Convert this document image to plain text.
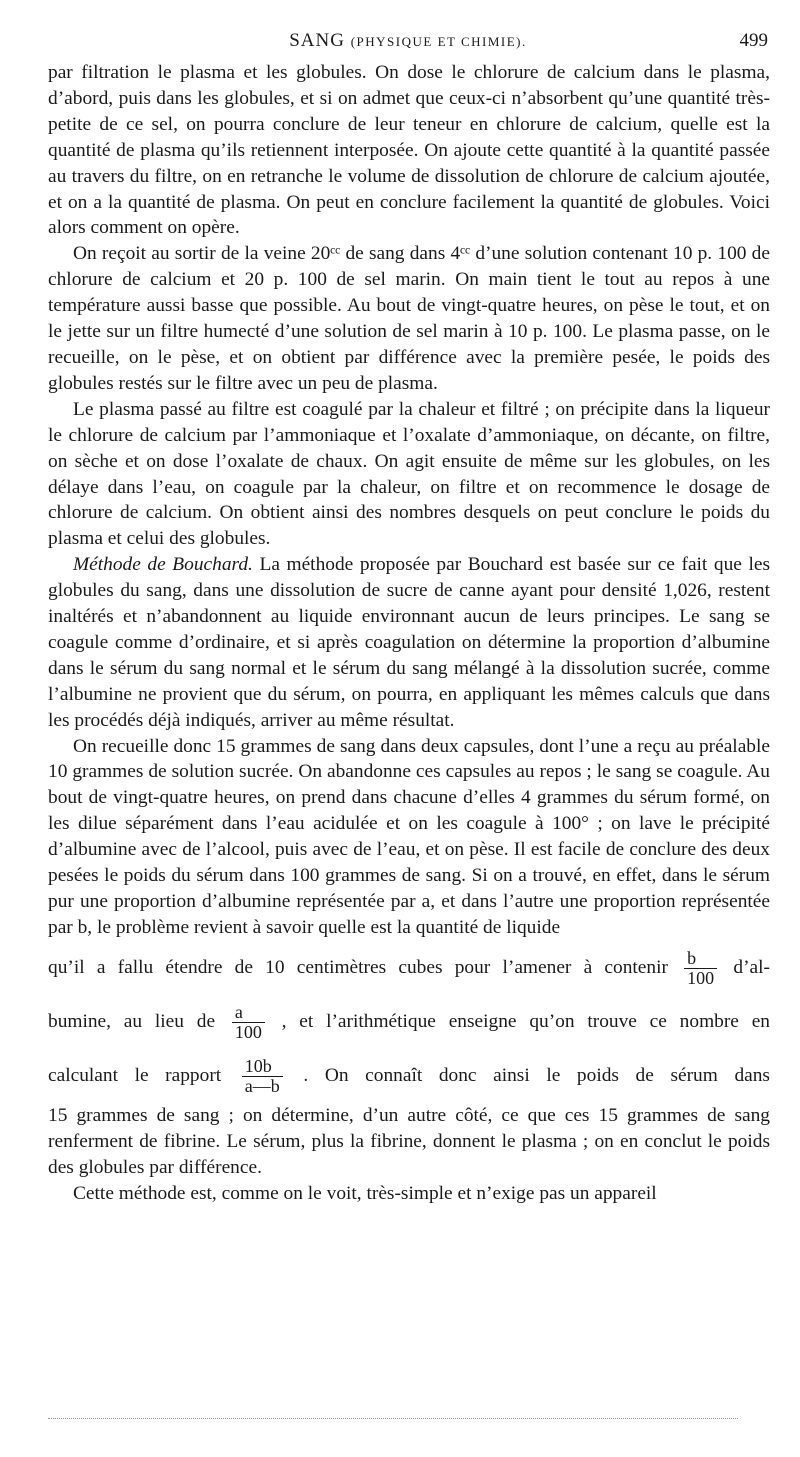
SANG (PHYSIQUE ET CHIMIE).	499

par filtration le plasma et les globules. On dose le chlorure de calcium dans le plasma, d’abord, puis dans les globules, et si on admet que ceux-ci n’absorbent qu’une quantité très-petite de ce sel, on pourra conclure de leur teneur en chlorure de calcium, quelle est la quantité de plasma qu’ils retiennent interposée. On ajoute cette quantité à la quantité passée au travers du filtre, on en retranche le volume de dissolution de chlorure de calcium ajoutée, et on a la quantité de plasma. On peut en conclure facilement la quantité de globules. Voici alors comment on opère.

On reçoit au sortir de la veine 20ᶜᶜ de sang dans 4ᶜᶜ d’une solution contenant 10 p. 100 de chlorure de calcium et 20 p. 100 de sel marin. On main tient le tout au repos à une température aussi basse que possible. Au bout de vingt-quatre heures, on pèse le tout, et on le jette sur un filtre humecté d’une solution de sel marin à 10 p. 100. Le plasma passe, on le recueille, on le pèse, et on obtient par différence avec la première pesée, le poids des globules restés sur le filtre avec un peu de plasma.

Le plasma passé au filtre est coagulé par la chaleur et filtré ; on précipite dans la liqueur le chlorure de calcium par l’ammoniaque et l’oxalate d’ammoniaque, on décante, on filtre, on sèche et on dose l’oxalate de chaux. On agit ensuite de même sur les globules, on les délaye dans l’eau, on coagule par la chaleur, on filtre et on recommence le dosage de chlorure de calcium. On obtient ainsi des nombres desquels on peut conclure le poids du plasma et celui des globules.

Méthode de Bouchard. La méthode proposée par Bouchard est basée sur ce fait que les globules du sang, dans une dissolution de sucre de canne ayant pour densité 1,026, restent inaltérés et n’abandonnent au liquide environnant aucun de leurs principes. Le sang se coagule comme d’ordinaire, et si après coagulation on détermine la proportion d’albumine dans le sérum du sang normal et le sérum du sang mélangé à la dissolution sucrée, comme l’albumine ne provient que du sérum, on pourra, en appliquant les mêmes calculs que dans les procédés déjà indiqués, arriver au même résultat.

On recueille donc 15 grammes de sang dans deux capsules, dont l’une a reçu au préalable 10 grammes de solution sucrée. On abandonne ces capsules au repos ; le sang se coagule. Au bout de vingt-quatre heures, on prend dans chacune d’elles 4 grammes du sérum formé, on les dilue séparément dans l’eau acidulée et on les coagule à 100° ; on lave le précipité d’albumine avec de l’alcool, puis avec de l’eau, et on pèse. Il est facile de conclure des deux pesées le poids du sérum dans 100 grammes de sang. Si on a trouvé, en effet, dans le sérum pur une proportion d’albumine représentée par a, et dans l’autre une proportion représentée par b, le problème revient à savoir quelle est la quantité de liquide

qu’il a fallu étendre de 10 centimètres cubes pour l’amener à contenir $\frac{b}{100}$ d’al-
bumine, au lieu de $\frac{a}{100}$ , et l’arithmétique enseigne qu’on trouve ce nombre en
calculant le rapport $\frac{10b}{a—b}$ . On connaît donc ainsi le poids de sérum dans

15 grammes de sang ; on détermine, d’un autre côté, ce que ces 15 grammes de sang renferment de fibrine. Le sérum, plus la fibrine, donnent le plasma ; on en conclut le poids des globules par différence.

Cette méthode est, comme on le voit, très-simple et n’exige pas un appareil
